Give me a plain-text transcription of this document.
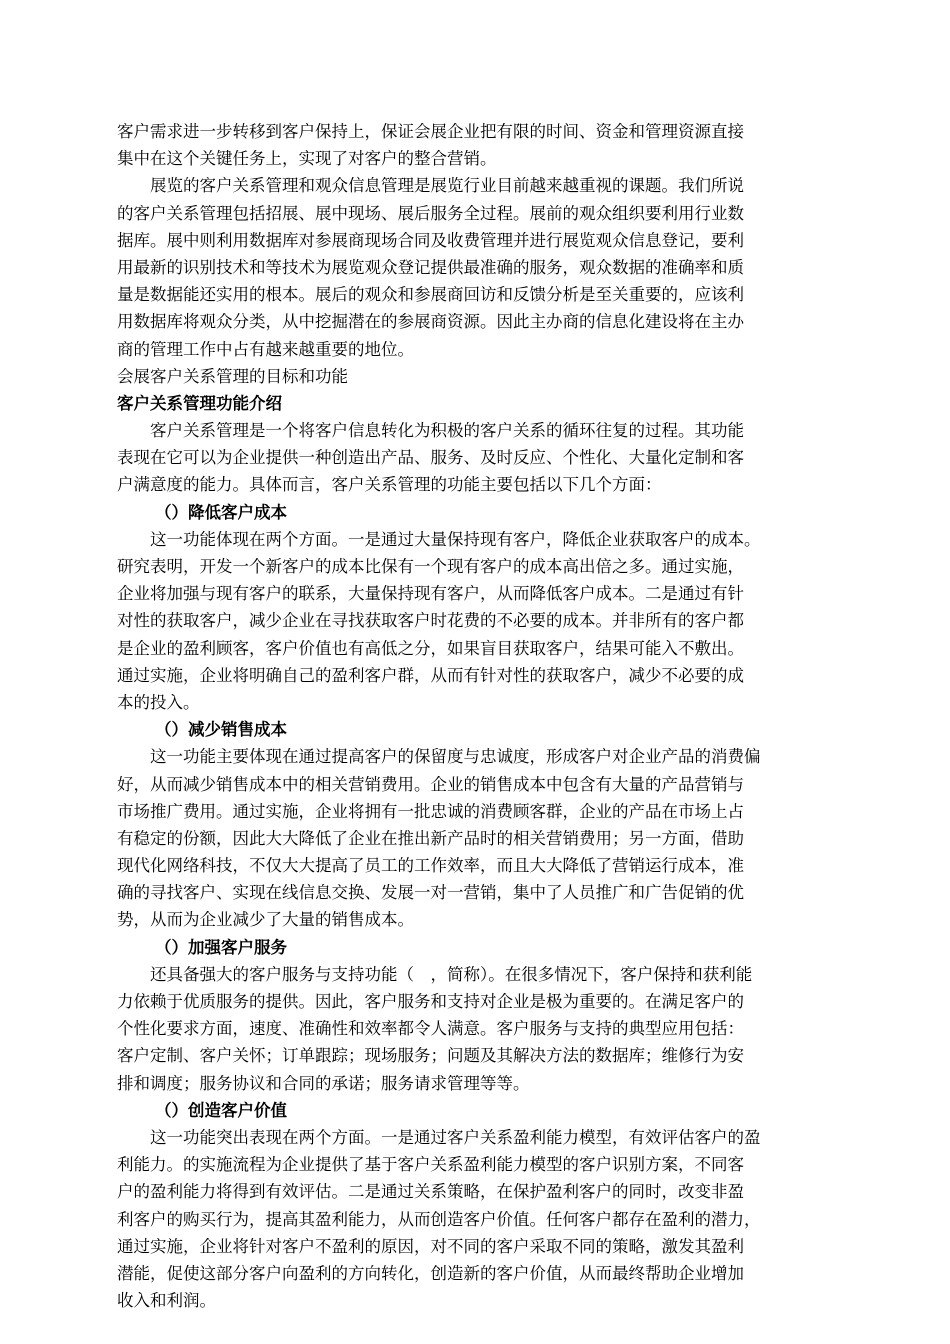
客户需求进一步转移到客户保持上，保证会展企业把有限的时间、资金和管理资源直接
集中在这个关键任务上，实现了对客户的整合营销。
展览的客户关系管理和观众信息管理是展览行业目前越来越重视的课题。我们所说
的客户关系管理包括招展、展中现场、展后服务全过程。展前的观众组织要利用行业数
据库。展中则利用数据库对参展商现场合同及收费管理并进行展览观众信息登记，要利
用最新的识别技术和等技术为展览观众登记提供最准确的服务，观众数据的准确率和质
量是数据能还实用的根本。展后的观众和参展商回访和反馈分析是至关重要的，应该利
用数据库将观众分类，从中挖掘潜在的参展商资源。因此主办商的信息化建设将在主办
商的管理工作中占有越来越重要的地位。
会展客户关系管理的目标和功能
客户关系管理功能介绍
客户关系管理是一个将客户信息转化为积极的客户关系的循环往复的过程。其功能
表现在它可以为企业提供一种创造出产品、服务、及时反应、个性化、大量化定制和客
户满意度的能力。具体而言，客户关系管理的功能主要包括以下几个方面：
（）降低客户成本
这一功能体现在两个方面。一是通过大量保持现有客户，降低企业获取客户的成本。
研究表明，开发一个新客户的成本比保有一个现有客户的成本高出倍之多。通过实施，
企业将加强与现有客户的联系，大量保持现有客户，从而降低客户成本。二是通过有针
对性的获取客户，减少企业在寻找获取客户时花费的不必要的成本。并非所有的客户都
是企业的盈利顾客，客户价值也有高低之分，如果盲目获取客户，结果可能入不敷出。
通过实施，企业将明确自己的盈利客户群，从而有针对性的获取客户，减少不必要的成
本的投入。
（）减少销售成本
这一功能主要体现在通过提高客户的保留度与忠诚度，形成客户对企业产品的消费偏
好，从而减少销售成本中的相关营销费用。企业的销售成本中包含有大量的产品营销与
市场推广费用。通过实施，企业将拥有一批忠诚的消费顾客群，企业的产品在市场上占
有稳定的份额，因此大大降低了企业在推出新产品时的相关营销费用；另一方面，借助
现代化网络科技，不仅大大提高了员工的工作效率，而且大大降低了营销运行成本，准
确的寻找客户、实现在线信息交换、发展一对一营销，集中了人员推广和广告促销的优
势，从而为企业减少了大量的销售成本。
（）加强客户服务
还具备强大的客户服务与支持功能（　，简称）。在很多情况下，客户保持和获利能
力依赖于优质服务的提供。因此，客户服务和支持对企业是极为重要的。在满足客户的
个性化要求方面，速度、准确性和效率都令人满意。客户服务与支持的典型应用包括：
客户定制、客户关怀；订单跟踪；现场服务；问题及其解决方法的数据库；维修行为安
排和调度；服务协议和合同的承诺；服务请求管理等等。
（）创造客户价值
这一功能突出表现在两个方面。一是通过客户关系盈利能力模型，有效评估客户的盈
利能力。的实施流程为企业提供了基于客户关系盈利能力模型的客户识别方案，不同客
户的盈利能力将得到有效评估。二是通过关系策略，在保护盈利客户的同时，改变非盈
利客户的购买行为，提高其盈利能力，从而创造客户价值。任何客户都存在盈利的潜力，
通过实施，企业将针对客户不盈利的原因，对不同的客户采取不同的策略，激发其盈利
潜能，促使这部分客户向盈利的方向转化，创造新的客户价值，从而最终帮助企业增加
收入和利润。
